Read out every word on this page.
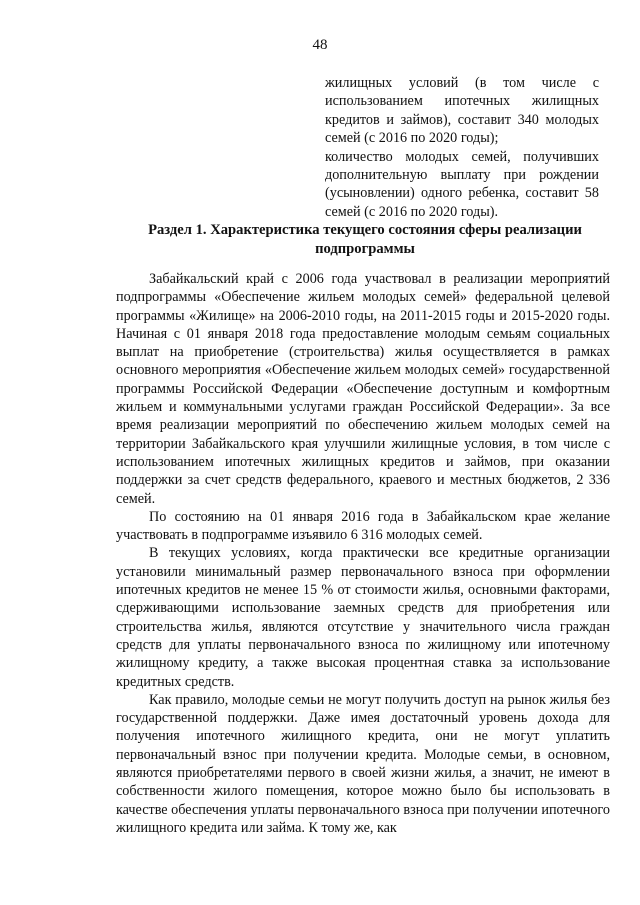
48

жилищных условий (в том числе с использованием ипотечных жилищных кредитов и займов), составит 340 молодых семей (с 2016 по 2020 годы);

количество молодых семей, получивших дополнительную выплату при рождении (усыновлении) одного ребенка, составит 58 семей (с 2016 по 2020 годы).

Раздел 1. Характеристика текущего состояния сферы реализации
подпрограммы

Забайкальский край с 2006 года участвовал в реализации мероприятий подпрограммы «Обеспечение жильем молодых семей» федеральной целевой программы «Жилище» на 2006-2010 годы, на 2011-2015 годы и 2015-2020 годы. Начиная с 01 января 2018 года предоставление молодым семьям социальных выплат на приобретение (строительства) жилья осуществляется в рамках основного мероприятия «Обеспечение жильем молодых семей» государственной программы Российской Федерации «Обеспечение доступным и комфортным жильем и коммунальными услугами граждан Российской Федерации». За все время реализации мероприятий по обеспечению жильем молодых семей на территории Забайкальского края улучшили жилищные условия, в том числе с использованием ипотечных жилищных кредитов и займов, при оказании поддержки за счет средств федерального, краевого и местных бюджетов, 2 336 семей.

По состоянию на 01 января 2016 года в Забайкальском крае желание участвовать в подпрограмме изъявило 6 316 молодых семей.

В текущих условиях, когда практически все кредитные организации установили минимальный размер первоначального взноса при оформлении ипотечных кредитов не менее 15 % от стоимости жилья, основными факторами, сдерживающими использование заемных средств для приобретения или строительства жилья, являются отсутствие у значительного числа граждан средств для уплаты первоначального взноса по жилищному или ипотечному жилищному кредиту, а также высокая процентная ставка за использование кредитных средств.

Как правило, молодые семьи не могут получить доступ на рынок жилья без государственной поддержки. Даже имея достаточный уровень дохода для получения ипотечного жилищного кредита, они не могут уплатить первоначальный взнос при получении кредита. Молодые семьи, в основном, являются приобретателями первого в своей жизни жилья, а значит, не имеют в собственности жилого помещения, которое можно было бы использовать в качестве обеспечения уплаты первоначального взноса при получении ипотечного жилищного кредита или займа. К тому же, как
